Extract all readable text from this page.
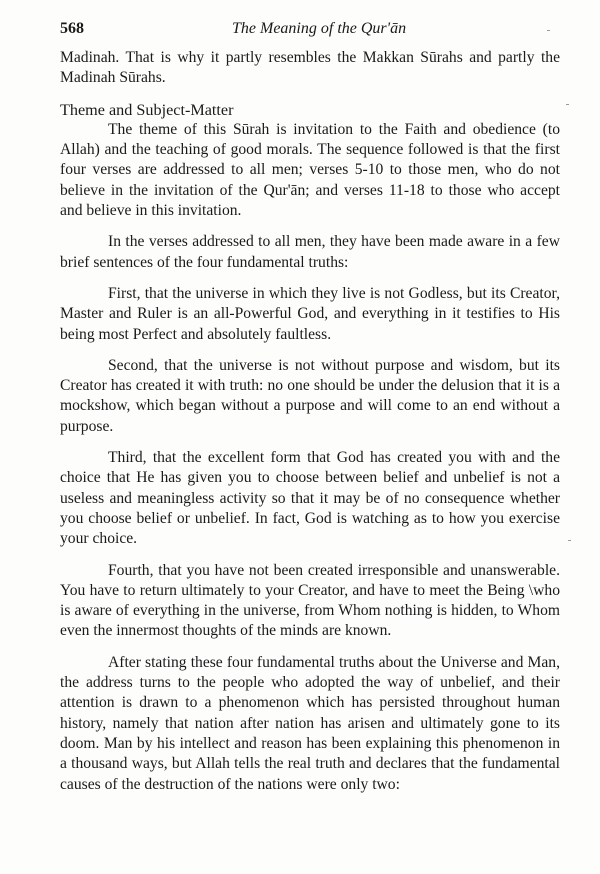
568	The Meaning of the Qur'ān

Madinah. That is why it partly resembles the Makkan Sūrahs and partly the Madinah Sūrahs.

Theme and Subject-Matter

The theme of this Sūrah is invitation to the Faith and obedience (to Allah) and the teaching of good morals. The sequence followed is that the first four verses are addressed to all men; verses 5-10 to those men, who do not believe in the invitation of the Qur'ān; and verses 11-18 to those who accept and believe in this invitation.

In the verses addressed to all men, they have been made aware in a few brief sentences of the four fundamental truths:

First, that the universe in which they live is not Godless, but its Creator, Master and Ruler is an all-Powerful God, and everything in it testifies to His being most Perfect and absolutely faultless.

Second, that the universe is not without purpose and wisdom, but its Creator has created it with truth: no one should be under the delusion that it is a mockshow, which began without a purpose and will come to an end without a purpose.

Third, that the excellent form that God has created you with and the choice that He has given you to choose between belief and unbelief is not a useless and meaningless activity so that it may be of no consequence whether you choose belief or unbelief. In fact, God is watching as to how you exercise your choice.

Fourth, that you have not been created irresponsible and unanswerable. You have to return ultimately to your Creator, and have to meet the Being \who is aware of everything in the universe, from Whom nothing is hidden, to Whom even the innermost thoughts of the minds are known.

After stating these four fundamental truths about the Universe and Man, the address turns to the people who adopted the way of unbelief, and their attention is drawn to a phenomenon which has persisted throughout human history, namely that nation after nation has arisen and ultimately gone to its doom. Man by his intellect and reason has been explaining this phenomenon in a thousand ways, but Allah tells the real truth and declares that the fundamental causes of the destruction of the nations were only two:
